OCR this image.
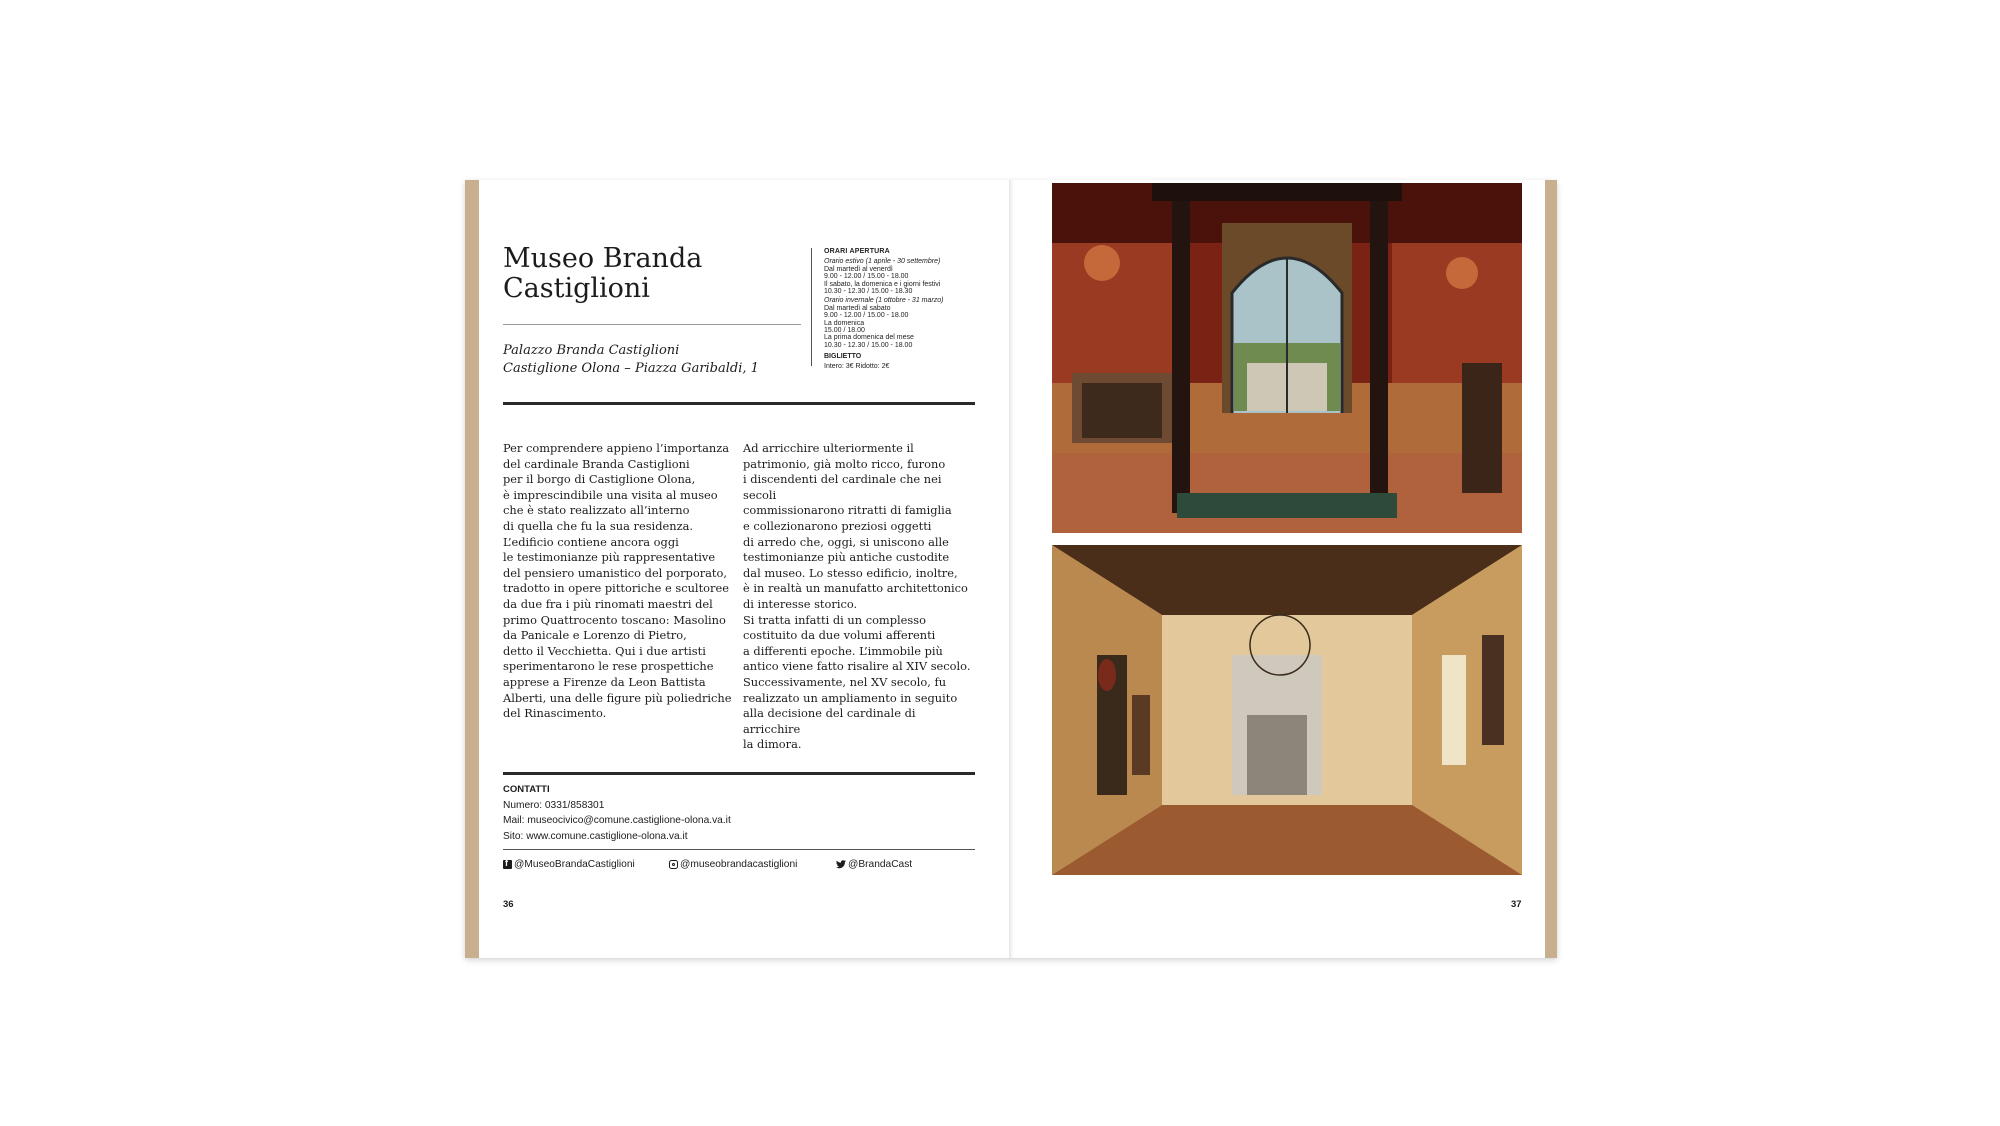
Museo Branda Castiglioni
Palazzo Branda Castiglioni
Castiglione Olona – Piazza Garibaldi, 1
ORARI APERTURA
Orario estivo (1 aprile - 30 settembre)
Dal martedì al venerdì
9.00 - 12.00 / 15.00 - 18.00
Il sabato, la domenica e i giorni festivi
10.30 - 12.30 / 15.00 - 18.30
Orario invernale (1 ottobre - 31 marzo)
Dal martedì al sabato
9.00 - 12.00 / 15.00 - 18.00
La domenica
15.00 / 18.00
La prima domenica del mese
10.30 - 12.30 / 15.00 - 18.00
BIGLIETTO
Intero: 3€ Ridotto: 2€
Per comprendere appieno l’importanza
del cardinale Branda Castiglioni
per il borgo di Castiglione Olona,
è imprescindibile una visita al museo
che è stato realizzato all’interno
di quella che fu la sua residenza.
L’edificio contiene ancora oggi
le testimonianze più rappresentative
del pensiero umanistico del porporato,
tradotto in opere pittoriche e scultoree
da due fra i più rinomati maestri del
primo Quattrocento toscano: Masolino
da Panicale e Lorenzo di Pietro,
detto il Vecchietta. Qui i due artisti
sperimentarono le rese prospettiche
apprese a Firenze da Leon Battista
Alberti, una delle figure più poliedriche
del Rinascimento.
Ad arricchire ulteriormente il
patrimonio, già molto ricco, furono
i discendenti del cardinale che nei secoli
commissionarono ritratti di famiglia
e collezionarono preziosi oggetti
di arredo che, oggi, si uniscono alle
testimonianze più antiche custodite
dal museo. Lo stesso edificio, inoltre,
è in realtà un manufatto architettonico
di interesse storico.
Si tratta infatti di un complesso
costituito da due volumi afferenti
a differenti epoche. L’immobile più
antico viene fatto risalire al XIV secolo.
Successivamente, nel XV secolo, fu
realizzato un ampliamento in seguito
alla decisione del cardinale di arricchire
la dimora.
CONTATTI
Numero: 0331/858301
Mail: museocivico@comune.castiglione-olona.va.it
Sito: www.comune.castiglione-olona.va.it
f
@MuseoBrandaCastiglioni	@museobrandacastiglioni	@BrandaCast
36	37
